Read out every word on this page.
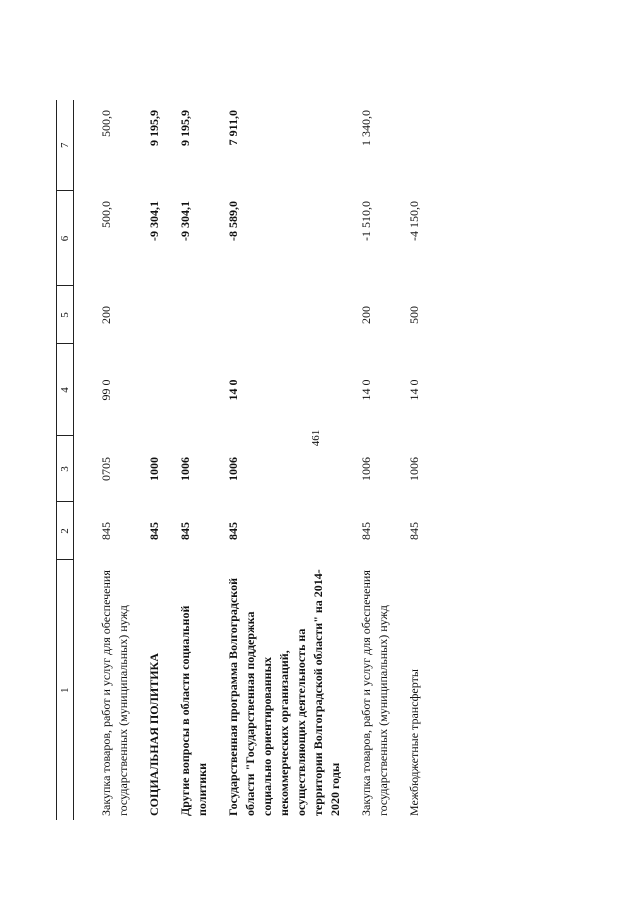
461
1	2	3	4	5	6	7

Закупка товаров, работ и услуг для обеспечения государственных (муниципальных) нужд	845	0705	99 0	200	500,0	500,0
СОЦИАЛЬНАЯ ПОЛИТИКА	845	1000			-9 304,1	9 195,9
Другие вопросы в области социальной политики	845	1006			-9 304,1	9 195,9
Государственная программа Волгоградской области "Государственная поддержка социально ориентированных некоммерческих организаций, осуществляющих деятельность на территории Волгоградской области" на 2014-2020 годы	845	1006	14 0		-8 589,0	7 911,0
Закупка товаров, работ и услуг для обеспечения государственных (муниципальных) нужд	845	1006	14 0	200	-1 510,0	1 340,0
Межбюджетные трансферты	845	1006	14 0	500	-4 150,0	
